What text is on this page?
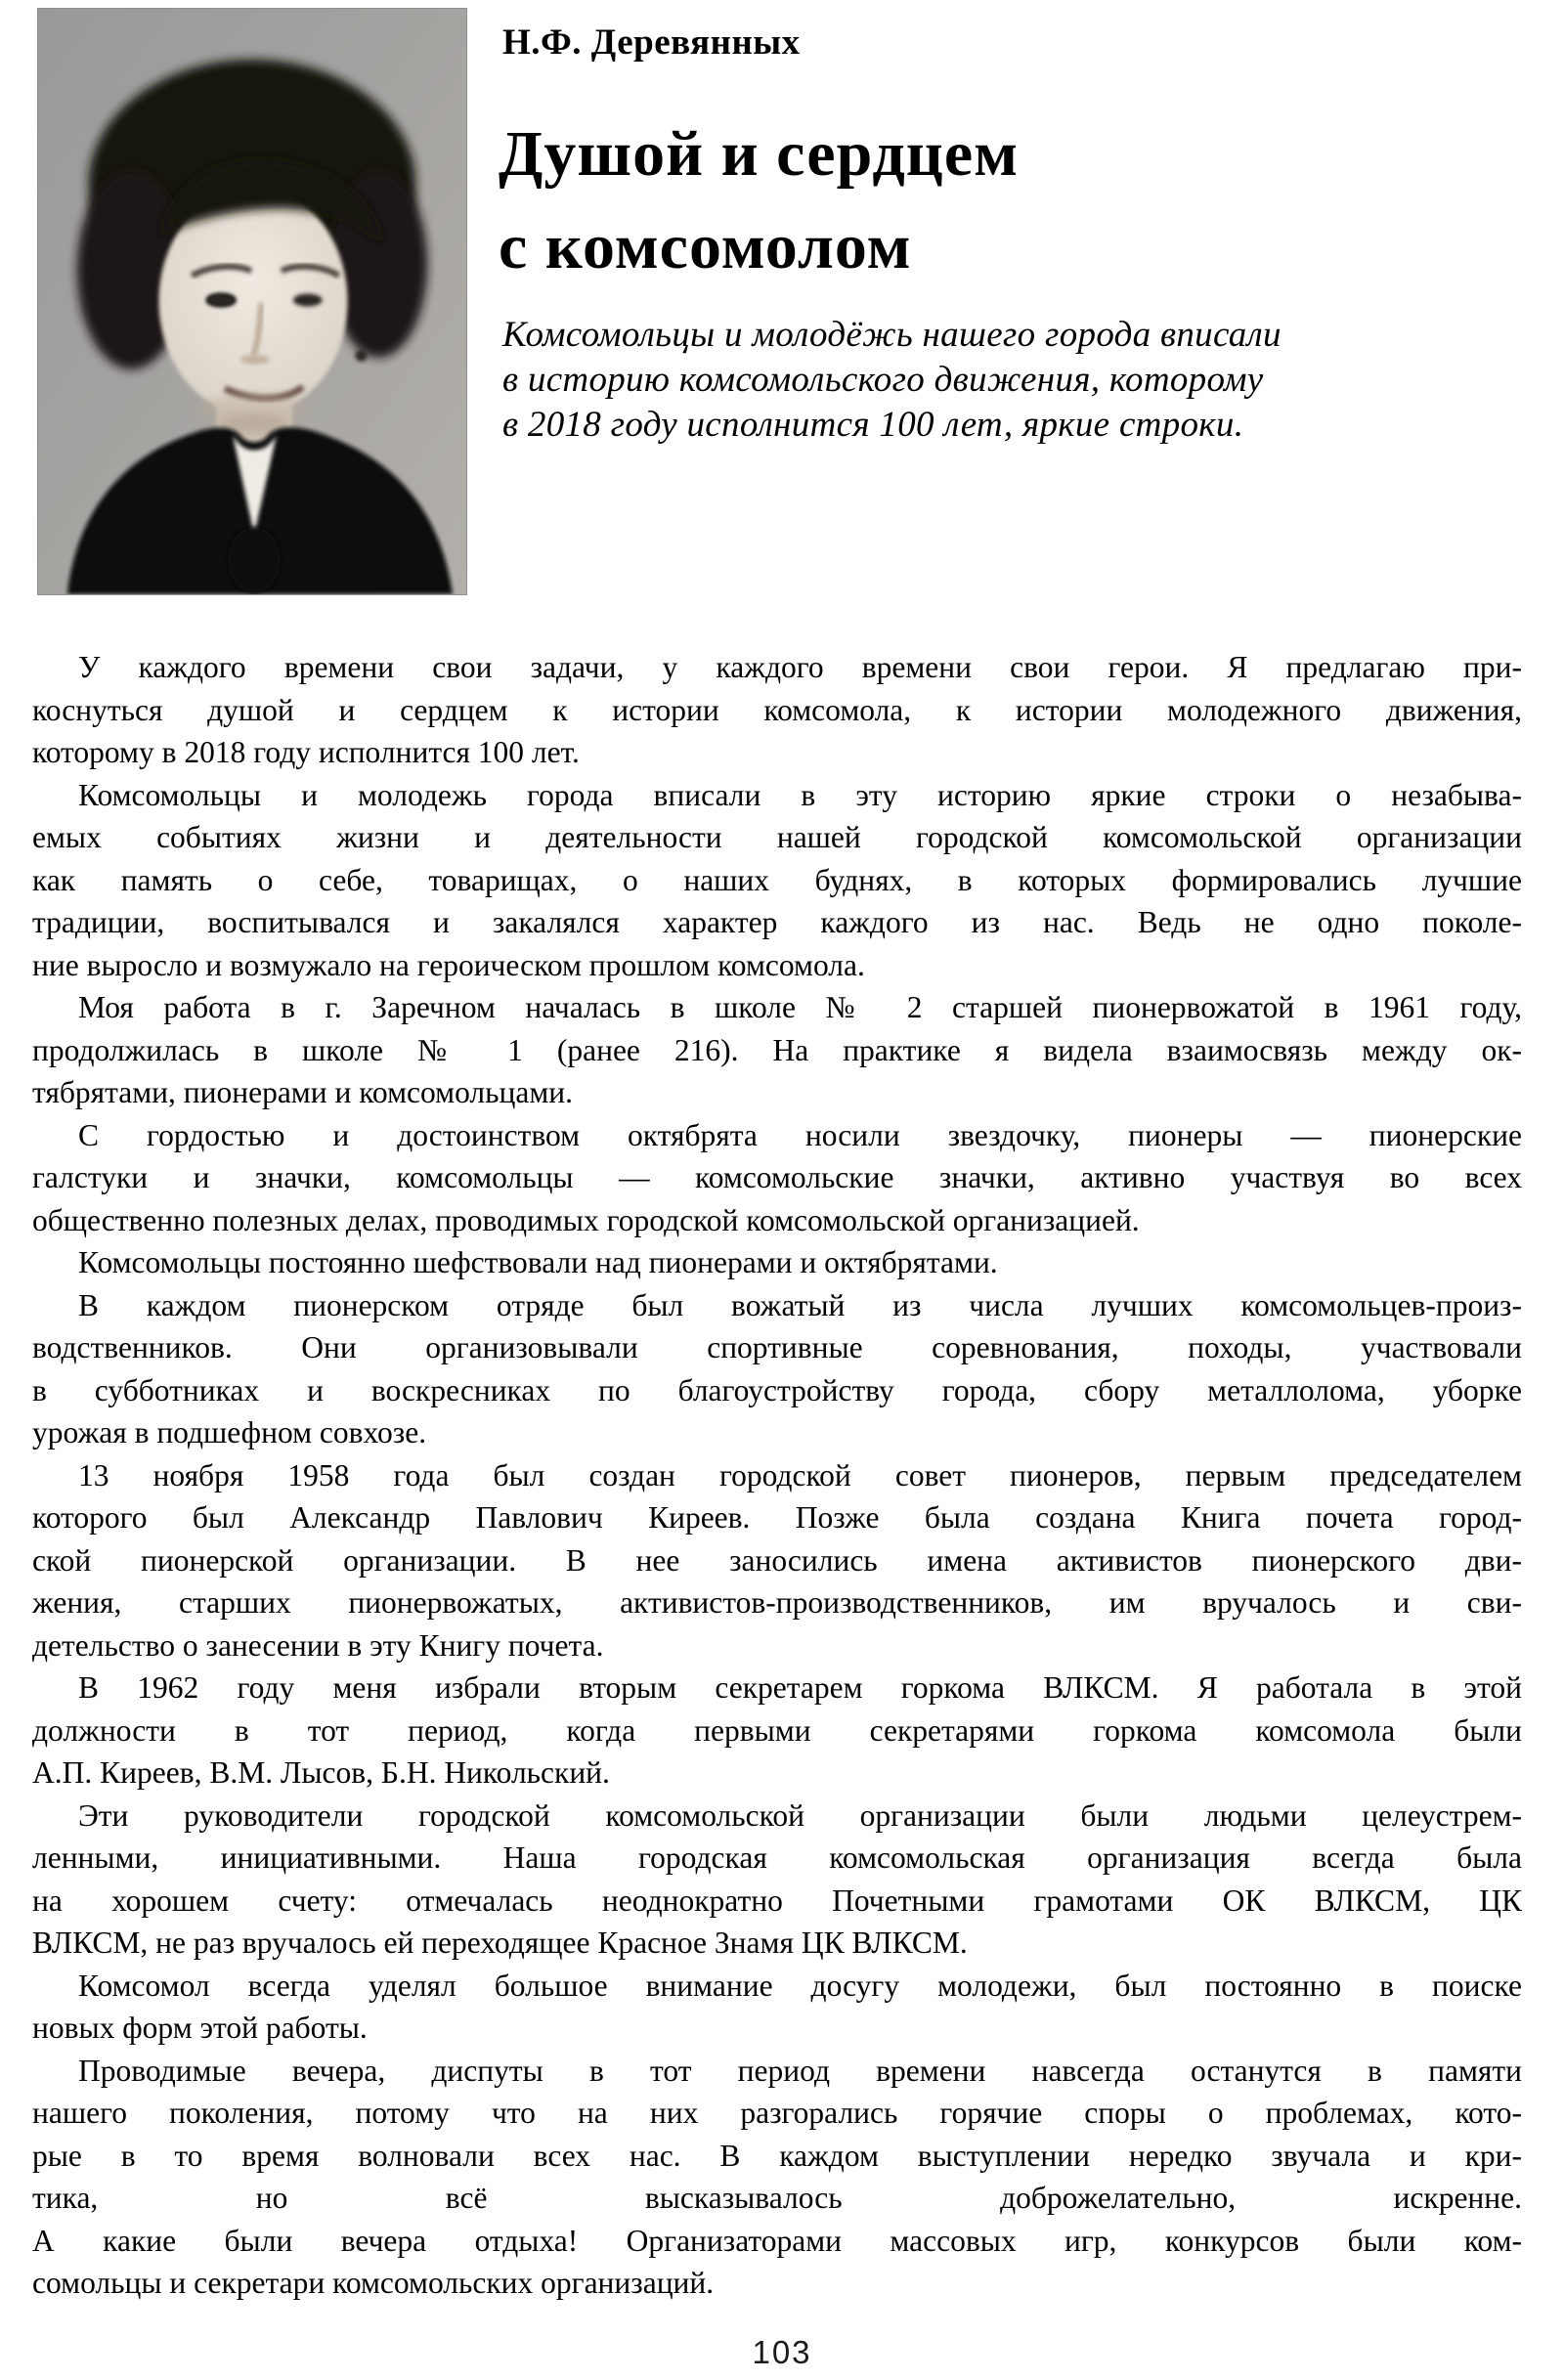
Н.Ф. Деревянных
Душой и сердцем
с комсомолом
Комсомольцы и молодёжь нашего города вписали
в историю комсомольского движения, которому
в 2018 году исполнится 100 лет, яркие строки.
У каждого времени свои задачи, у каждого времени свои герои. Я предлагаю при-
коснуться душой и сердцем к истории комсомола, к истории молодежного движения,
которому в 2018 году исполнится 100 лет.
Комсомольцы и молодежь города вписали в эту историю яркие строки о незабыва-
емых событиях жизни и деятельности нашей городской комсомольской организации
как память о себе, товарищах, о наших буднях, в которых формировались лучшие
традиции, воспитывался и закалялся характер каждого из нас. Ведь не одно поколе-
ние выросло и возмужало на героическом прошлом комсомола.
Моя работа в г. Заречном началась в школе № 2 старшей пионервожатой в 1961 году,
продолжилась в школе № 1 (ранее 216). На практике я видела взаимосвязь между ок-
тябрятами, пионерами и комсомольцами.
С гордостью и достоинством октябрята носили звездочку, пионеры — пионерские
галстуки и значки, комсомольцы — комсомольские значки, активно участвуя во всех
общественно полезных делах, проводимых городской комсомольской организацией.
Комсомольцы постоянно шефствовали над пионерами и октябрятами.
В каждом пионерском отряде был вожатый из числа лучших комсомольцев-произ-
водственников. Они организовывали спортивные соревнования, походы, участвовали
в субботниках и воскресниках по благоустройству города, сбору металлолома, уборке
урожая в подшефном совхозе.
13 ноября 1958 года был создан городской совет пионеров, первым председателем
которого был Александр Павлович Киреев. Позже была создана Книга почета город-
ской пионерской организации. В нее заносились имена активистов пионерского дви-
жения, старших пионервожатых, активистов-производственников, им вручалось и сви-
детельство о занесении в эту Книгу почета.
В 1962 году меня избрали вторым секретарем горкома ВЛКСМ. Я работала в этой
должности в тот период, когда первыми секретарями горкома комсомола были
А.П. Киреев, В.М. Лысов, Б.Н. Никольский.
Эти руководители городской комсомольской организации были людьми целеустрем-
ленными, инициативными. Наша городская комсомольская организация всегда была
на хорошем счету: отмечалась неоднократно Почетными грамотами ОК ВЛКСМ, ЦК
ВЛКСМ, не раз вручалось ей переходящее Красное Знамя ЦК ВЛКСМ.
Комсомол всегда уделял большое внимание досугу молодежи, был постоянно в поиске
новых форм этой работы.
Проводимые вечера, диспуты в тот период времени навсегда останутся в памяти
нашего поколения, потому что на них разгорались горячие споры о проблемах, кото-
рые в то время волновали всех нас. В каждом выступлении нередко звучала и кри-
тика, но всё высказывалось доброжелательно, искренне.
А какие были вечера отдыха! Организаторами массовых игр, конкурсов были ком-
сомольцы и секретари комсомольских организаций.
103
